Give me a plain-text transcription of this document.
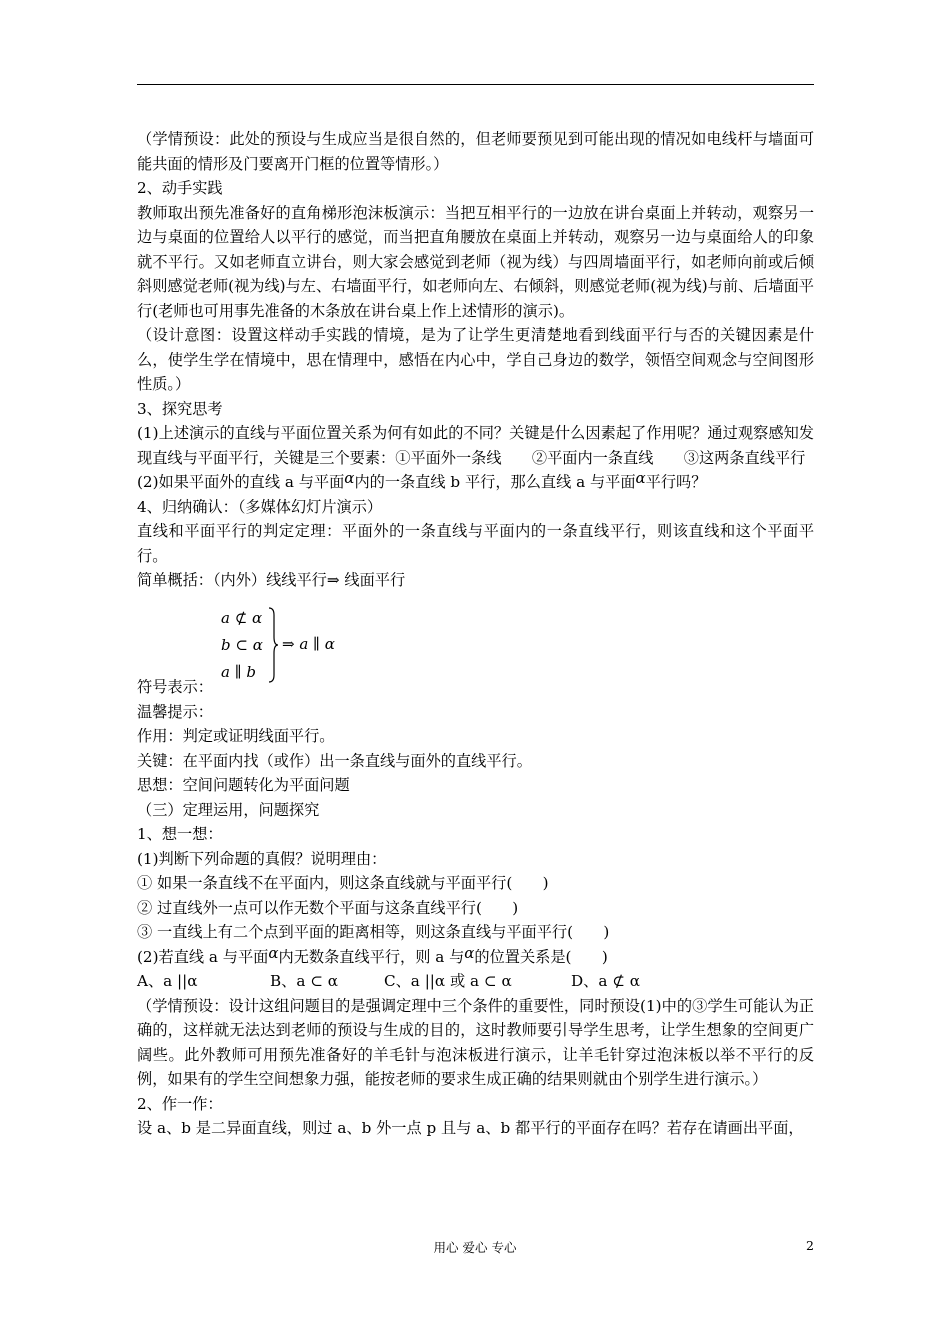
（学情预设：此处的预设与生成应当是很自然的，但老师要预见到可能出现的情况如电线杆与墙面可能共面的情形及门要离开门框的位置等情形。）

2、动手实践

教师取出预先准备好的直角梯形泡沫板演示：当把互相平行的一边放在讲台桌面上并转动，观察另一边与桌面的位置给人以平行的感觉，而当把直角腰放在桌面上并转动，观察另一边与桌面给人的印象就不平行。又如老师直立讲台，则大家会感觉到老师（视为线）与四周墙面平行，如老师向前或后倾斜则感觉老师(视为线)与左、右墙面平行，如老师向左、右倾斜，则感觉老师(视为线)与前、后墙面平行(老师也可用事先准备的木条放在讲台桌上作上述情形的演示)。

（设计意图：设置这样动手实践的情境，是为了让学生更清楚地看到线面平行与否的关键因素是什么，使学生学在情境中，思在情理中，感悟在内心中，学自己身边的数学，领悟空间观念与空间图形性质。）

3、探究思考

(1)上述演示的直线与平面位置关系为何有如此的不同？关键是什么因素起了作用呢？通过观察感知发现直线与平面平行，关键是三个要素：①平面外一条线　　②平面内一条直线　　③这两条直线平行

(2)如果平面外的直线 a 与平面α内的一条直线 b 平行，那么直线 a 与平面α平行吗？

4、归纳确认：（多媒体幻灯片演示）

直线和平面平行的判定定理：平面外的一条直线与平面内的一条直线平行，则该直线和这个平面平行。

简单概括：（内外）线线平行⇒ 线面平行

a ⊄ α
b ⊂ α
a ∥ b
⇒ a ∥ α
符号表示：

温馨提示：

作用：判定或证明线面平行。

关键：在平面内找（或作）出一条直线与面外的直线平行。

思想：空间问题转化为平面问题

（三）定理运用，问题探究

1、想一想：

(1)判断下列命题的真假？说明理由：

① 如果一条直线不在平面内，则这条直线就与平面平行(　　)

② 过直线外一点可以作无数个平面与这条直线平行(　　)

③ 一直线上有二个点到平面的距离相等，则这条直线与平面平行(　　)

(2)若直线 a 与平面α内无数条直线平行，则 a 与α的位置关系是(　　)

A、a ||α	B、a ⊂ α	C、a ||α 或 a ⊂ α	D、a ⊄ α

（学情预设：设计这组问题目的是强调定理中三个条件的重要性，同时预设(1)中的③学生可能认为正确的，这样就无法达到老师的预设与生成的目的，这时教师要引导学生思考，让学生想象的空间更广阔些。此外教师可用预先准备好的羊毛针与泡沫板进行演示，让羊毛针穿过泡沫板以举不平行的反例，如果有的学生空间想象力强，能按老师的要求生成正确的结果则就由个别学生进行演示。）

2、作一作：

设 a、b 是二异面直线，则过 a、b 外一点 p 且与 a、b 都平行的平面存在吗？若存在请画出平面，

用心 爱心 专心	2
